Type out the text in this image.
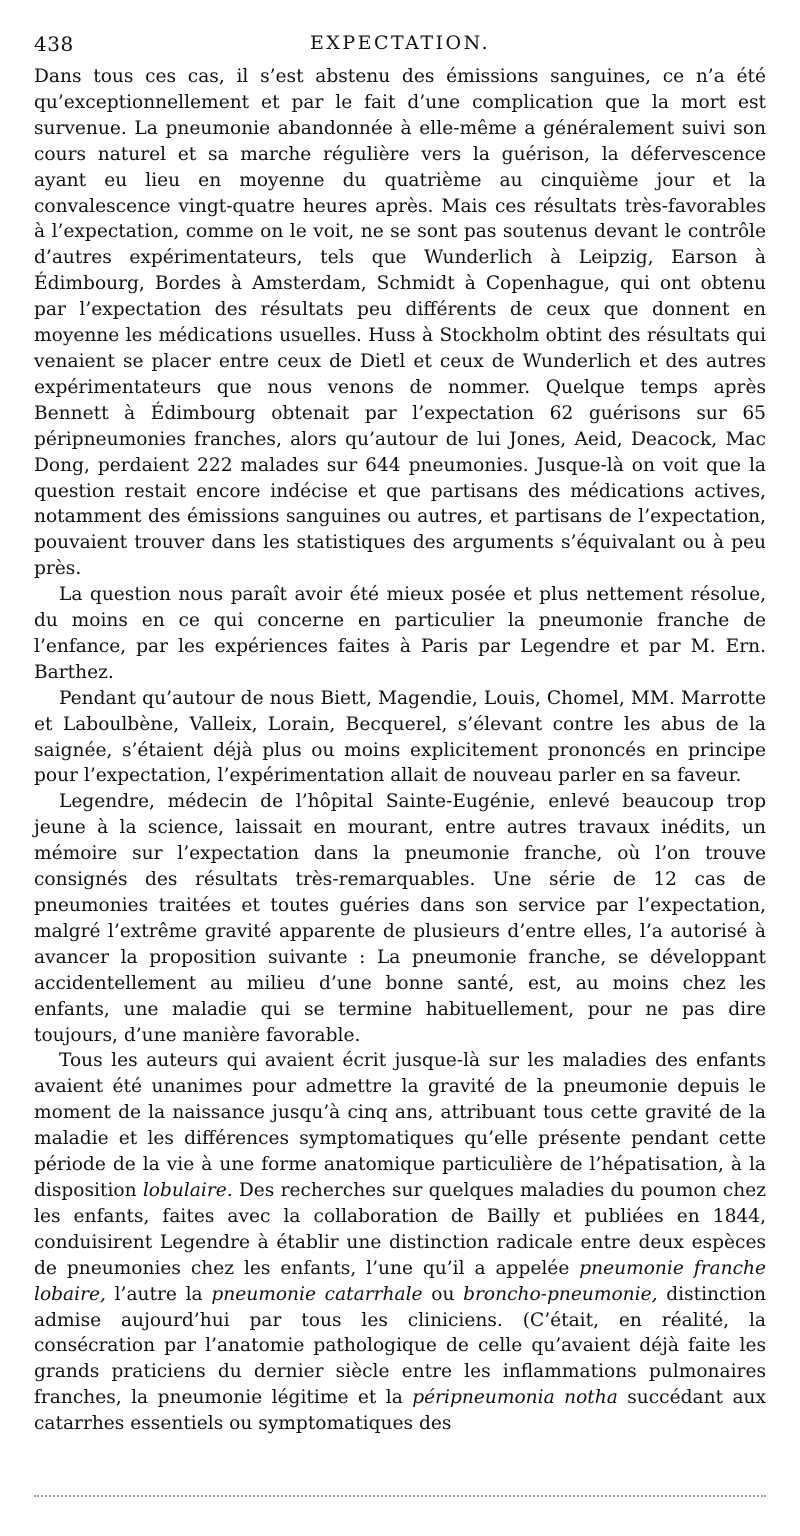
438	EXPECTATION.

Dans tous ces cas, il s’est abstenu des émissions sanguines, ce n’a été qu’exceptionnellement et par le fait d’une complication que la mort est survenue. La pneumonie abandonnée à elle-même a généralement suivi son cours naturel et sa marche régulière vers la guérison, la défervescence ayant eu lieu en moyenne du quatrième au cinquième jour et la convalescence vingt-quatre heures après. Mais ces résultats très-favorables à l’expectation, comme on le voit, ne se sont pas soutenus devant le contrôle d’autres expérimentateurs, tels que Wunderlich à Leipzig, Earson à Édimbourg, Bordes à Amsterdam, Schmidt à Copenhague, qui ont obtenu par l’expectation des résultats peu différents de ceux que donnent en moyenne les médications usuelles. Huss à Stockholm obtint des résultats qui venaient se placer entre ceux de Dietl et ceux de Wunderlich et des autres expérimentateurs que nous venons de nommer. Quelque temps après Bennett à Édimbourg obtenait par l’expectation 62 guérisons sur 65 péripneumonies franches, alors qu’autour de lui Jones, Aeid, Deacock, Mac Dong, perdaient 222 malades sur 644 pneumonies. Jusque-là on voit que la question restait encore indécise et que partisans des médications actives, notamment des émissions sanguines ou autres, et partisans de l’expectation, pouvaient trouver dans les statistiques des arguments s’équivalant ou à peu près.

La question nous paraît avoir été mieux posée et plus nettement résolue, du moins en ce qui concerne en particulier la pneumonie franche de l’enfance, par les expériences faites à Paris par Legendre et par M. Ern. Barthez.

Pendant qu’autour de nous Biett, Magendie, Louis, Chomel, MM. Marrotte et Laboulbène, Valleix, Lorain, Becquerel, s’élevant contre les abus de la saignée, s’étaient déjà plus ou moins explicitement prononcés en principe pour l’expectation, l’expérimentation allait de nouveau parler en sa faveur.

Legendre, médecin de l’hôpital Sainte-Eugénie, enlevé beaucoup trop jeune à la science, laissait en mourant, entre autres travaux inédits, un mémoire sur l’expectation dans la pneumonie franche, où l’on trouve consignés des résultats très-remarquables. Une série de 12 cas de pneumonies traitées et toutes guéries dans son service par l’expectation, malgré l’extrême gravité apparente de plusieurs d’entre elles, l’a autorisé à avancer la proposition suivante : La pneumonie franche, se développant accidentellement au milieu d’une bonne santé, est, au moins chez les enfants, une maladie qui se termine habituellement, pour ne pas dire toujours, d’une manière favorable.

Tous les auteurs qui avaient écrit jusque-là sur les maladies des enfants avaient été unanimes pour admettre la gravité de la pneumonie depuis le moment de la naissance jusqu’à cinq ans, attribuant tous cette gravité de la maladie et les différences symptomatiques qu’elle présente pendant cette période de la vie à une forme anatomique particulière de l’hépatisation, à la disposition lobulaire. Des recherches sur quelques maladies du poumon chez les enfants, faites avec la collaboration de Bailly et publiées en 1844, conduisirent Legendre à établir une distinction radicale entre deux espèces de pneumonies chez les enfants, l’une qu’il a appelée pneumonie franche lobaire, l’autre la pneumonie catarrhale ou broncho-pneumonie, distinction admise aujourd’hui par tous les cliniciens. (C’était, en réalité, la consécration par l’anatomie pathologique de celle qu’avaient déjà faite les grands praticiens du dernier siècle entre les inflammations pulmonaires franches, la pneumonie légitime et la péripneumonia notha succédant aux catarrhes essentiels ou symptomatiques des
